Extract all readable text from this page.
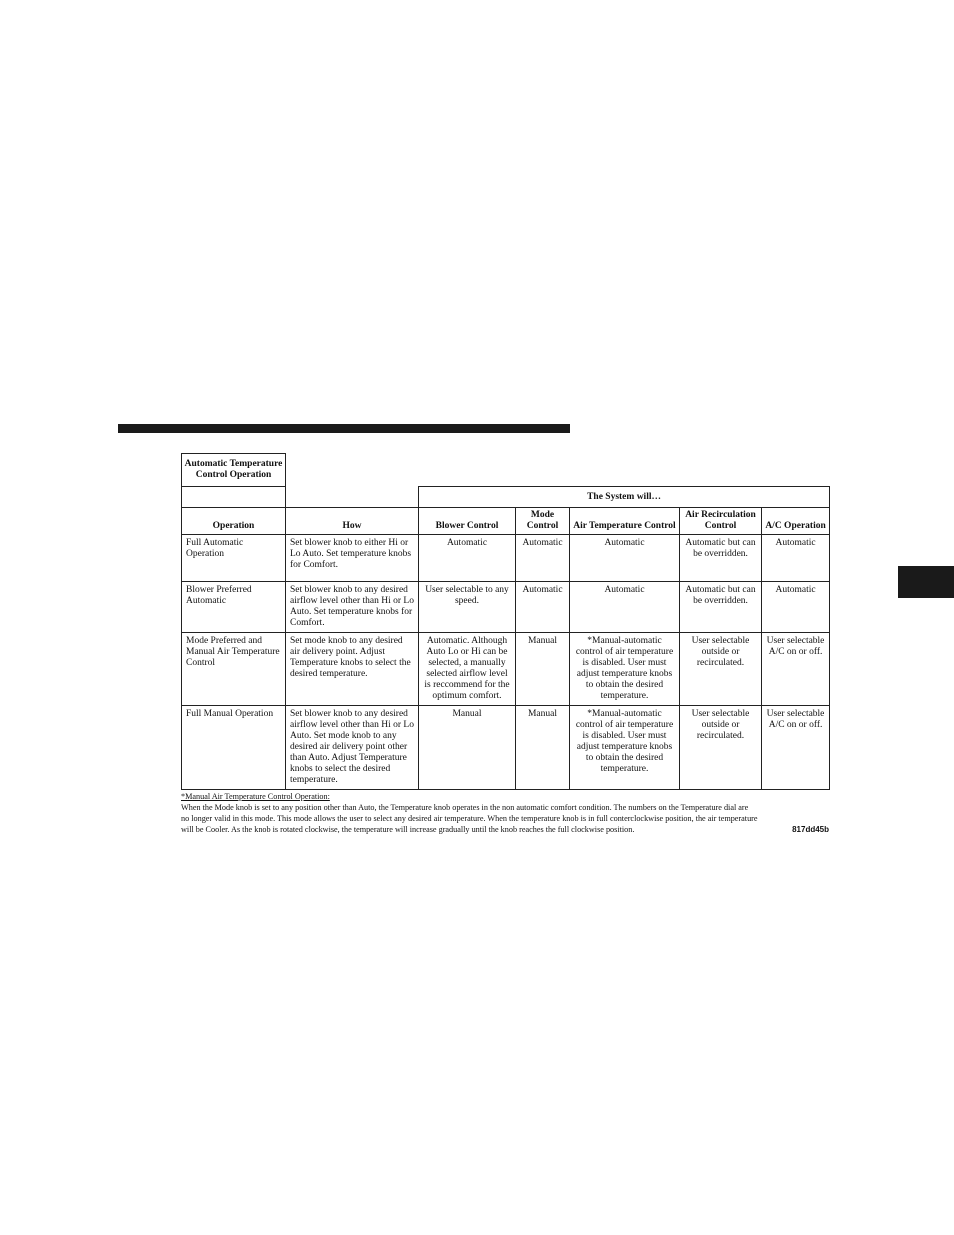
Automatic Temperature Control Operation						
		The System will…				
Operation	How	Blower Control	Mode Control	Air Temperature Control	Air Recirculation Control	A/C Operation
Full Automatic Operation	Set blower knob to either Hi or Lo Auto. Set temperature knobs for Comfort.	Automatic	Automatic	Automatic	Automatic but can be overridden.	Automatic
Blower Preferred Automatic	Set blower knob to any desired airflow level other than Hi or Lo Auto. Set temperature knobs for Comfort.	User selectable to any speed.	Automatic	Automatic	Automatic but can be overridden.	Automatic
Mode Preferred and Manual Air Temperature Control	Set mode knob to any desired air delivery point. Adjust Temperature knobs to select the desired temperature.	Automatic. Although Auto Lo or Hi can be selected, a manually selected airflow level is reccommend for the optimum comfort.	Manual	*Manual-automatic control of air temperature is disabled. User must adjust temperature knobs to obtain the desired temperature.	User selectable outside or recirculated.	User selectable A/C on or off.
Full Manual Operation	Set blower knob to any desired airflow level other than Hi or Lo Auto. Set mode knob to any desired air delivery point other than Auto. Adjust Temperature knobs to select the desired temperature.	Manual	Manual	*Manual-automatic control of air temperature is disabled. User must adjust temperature knobs to obtain the desired temperature.	User selectable outside or recirculated.	User selectable A/C on or off.
*Manual Air Temperature Control Operation:
When the Mode knob is set to any position other than Auto, the Temperature knob operates in the non automatic comfort condition. The numbers on the Temperature dial are
no longer valid in this mode. This mode allows the user to select any desired air temperature. When the temperature knob is in full conterclockwise position, the air temperature
will be Cooler. As the knob is rotated clockwise, the temperature will increase gradually until the knob reaches the full clockwise position.	817dd45b
